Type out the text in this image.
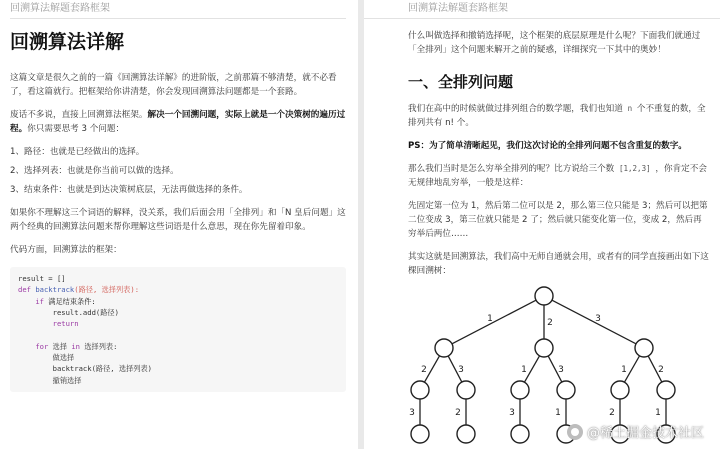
回溯算法解题套路框架
回溯算法详解

这篇文章是很久之前的一篇《回溯算法详解》的进阶版，之前那篇不够清楚，就不必看了，看这篇就行。把框架给你讲清楚，你会发现回溯算法问题都是一个套路。

废话不多说，直接上回溯算法框架。解决一个回溯问题，实际上就是一个决策树的遍历过程。你只需要思考 3 个问题：

1、路径：也就是已经做出的选择。

2、选择列表：也就是你当前可以做的选择。

3、结束条件：也就是到达决策树底层，无法再做选择的条件。

如果你不理解这三个词语的解释，没关系，我们后面会用「全排列」和「N 皇后问题」这两个经典的回溯算法问题来帮你理解这些词语是什么意思，现在你先留着印象。

代码方面，回溯算法的框架：

result = []
def backtrack(路径, 选择列表):
if 满足结束条件:
result.add(路径)
return

for 选择 in 选择列表:
做选择
backtrack(路径, 选择列表)
撤销选择
回溯算法解题套路框架

什么叫做选择和撤销选择呢，这个框架的底层原理是什么呢？下面我们就通过「全排列」这个问题来解开之前的疑惑，详细探究一下其中的奥妙！

一、全排列问题

我们在高中的时候就做过排列组合的数学题，我们也知道 n 个不重复的数，全排列共有 n! 个。

PS：为了简单清晰起见，我们这次讨论的全排列问题不包含重复的数字。

那么我们当时是怎么穷举全排列的呢？比方说给三个数 [1,2,3] ，你肯定不会无规律地乱穷举，一般是这样：

先固定第一位为 1，然后第二位可以是 2，那么第三位只能是 3；然后可以把第二位变成 3，第三位就只能是 2 了；然后就只能变化第一位，变成 2，然后再穷举后两位……

其实这就是回溯算法，我们高中无师自通就会用，或者有的同学直接画出如下这棵回溯树：

1	2	3
2	3	1	3	1	2
3	2	3	1	2	1
@稀土掘金技术社区
